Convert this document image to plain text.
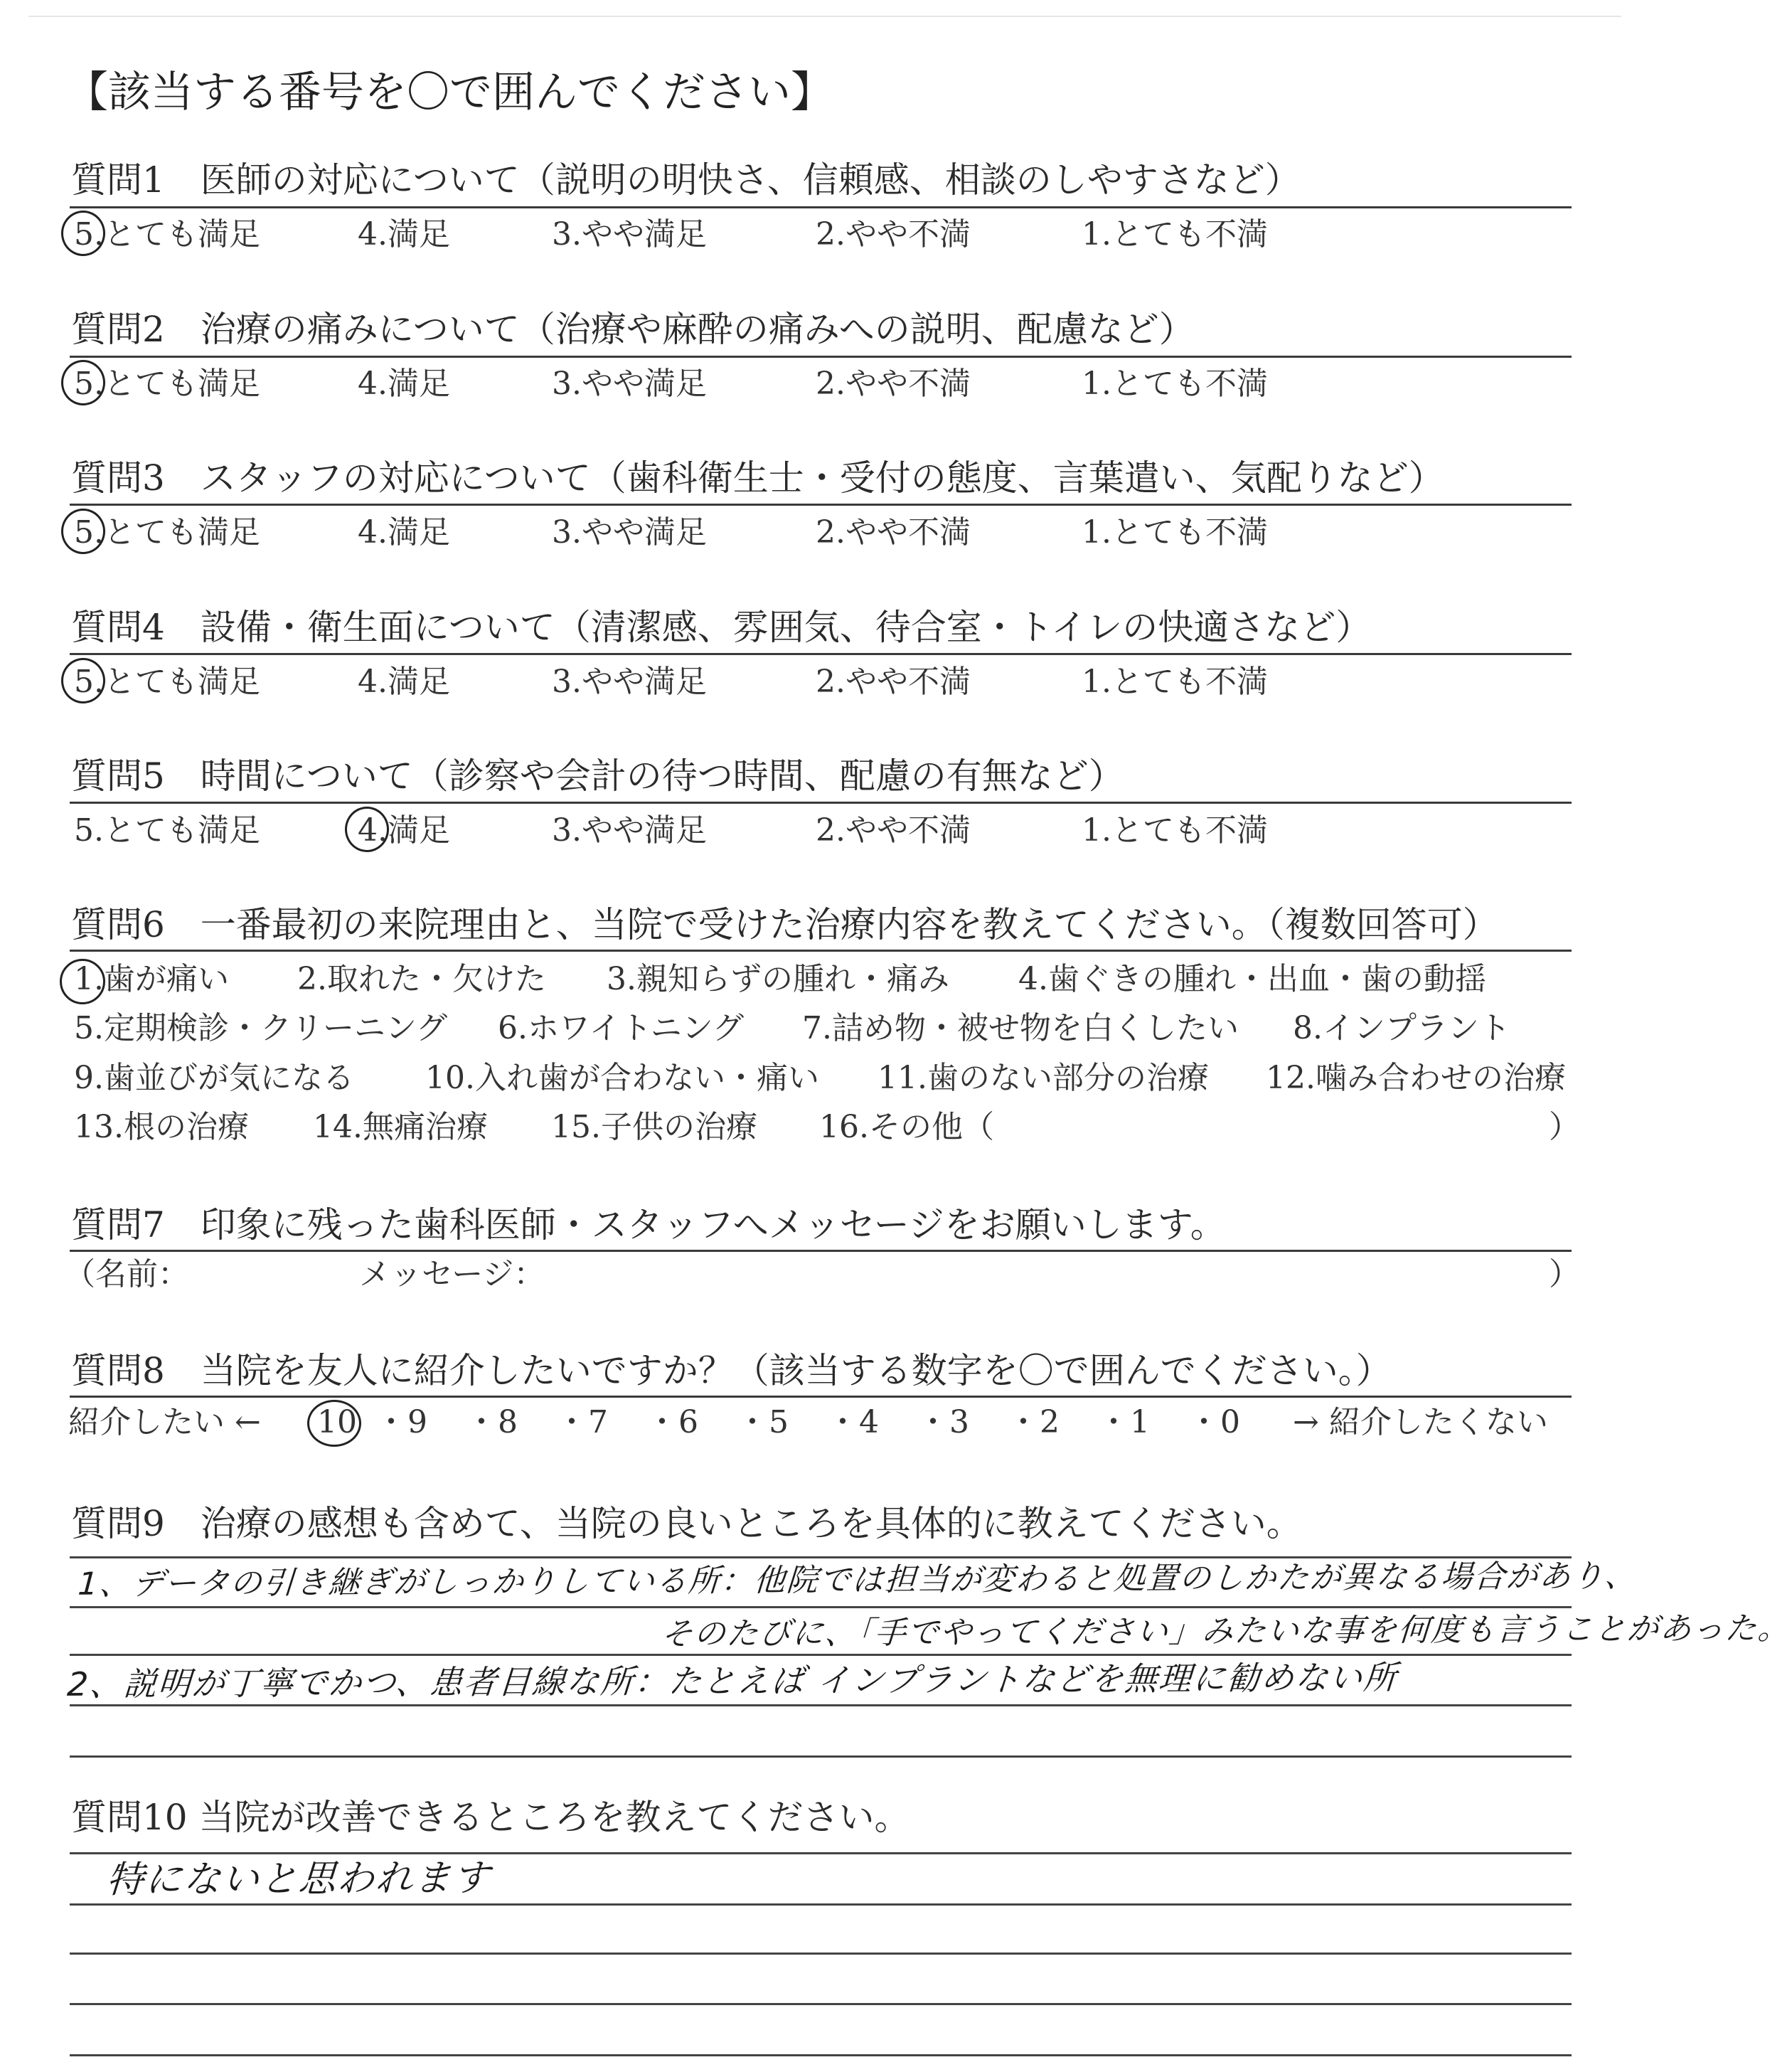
【該当する番号を〇で囲んでください】
質問1　医師の対応について（説明の明快さ、信頼感、相談のしやすさなど）
質問2　治療の痛みについて（治療や麻酔の痛みへの説明、配慮など）
質問3　スタッフの対応について（歯科衛生士・受付の態度、言葉遣い、気配りなど）
質問4　設備・衛生面について（清潔感、雰囲気、待合室・トイレの快適さなど）
質問5　時間について（診察や会計の待つ時間、配慮の有無など）
5.とても満足	4.満足	3.やや満足	2.やや不満	1.とても不満
5.とても満足	4.満足	3.やや満足	2.やや不満	1.とても不満
5.とても満足	4.満足	3.やや満足	2.やや不満	1.とても不満
5.とても満足	4.満足	3.やや満足	2.やや不満	1.とても不満
5.とても満足	4.満足	3.やや満足	2.やや不満	1.とても不満
質問6　一番最初の来院理由と、当院で受けた治療内容を教えてください。（複数回答可）
1.歯が痛い 2.取れた・欠けた 3.親知らずの腫れ・痛み 4.歯ぐきの腫れ・出血・歯の動揺
5.定期検診・クリーニング 6.ホワイトニング 7.詰め物・被せ物を白くしたい 8.インプラント
9.歯並びが気になる 10.入れ歯が合わない・痛い 11.歯のない部分の治療 12.噛み合わせの治療
13.根の治療 14.無痛治療 15.子供の治療 16.その他（	）
質問7　印象に残った歯科医師・スタッフへメッセージをお願いします。
（名前：	メッセージ：	）
質問8　当院を友人に紹介したいですか？（該当する数字を〇で囲んでください。）
紹介したい ← 10 ・ 9 ・ 8 ・ 7 ・ 6 ・ 5 ・ 4 ・ 3 ・ 2 ・ 1 ・ 0 → 紹介したくない
質問9　治療の感想も含めて、当院の良いところを具体的に教えてください。
1、データの引き継ぎがしっかりしている所：他院では担当が変わると処置のしかたが異なる場合があり、
そのたびに、「手でやってください」みたいな事を何度も言うことがあった。
2、説明が丁寧でかつ、患者目線な所：たとえば インプラントなどを無理に勧めない所
質問10 当院が改善できるところを教えてください。
特にないと思われます
